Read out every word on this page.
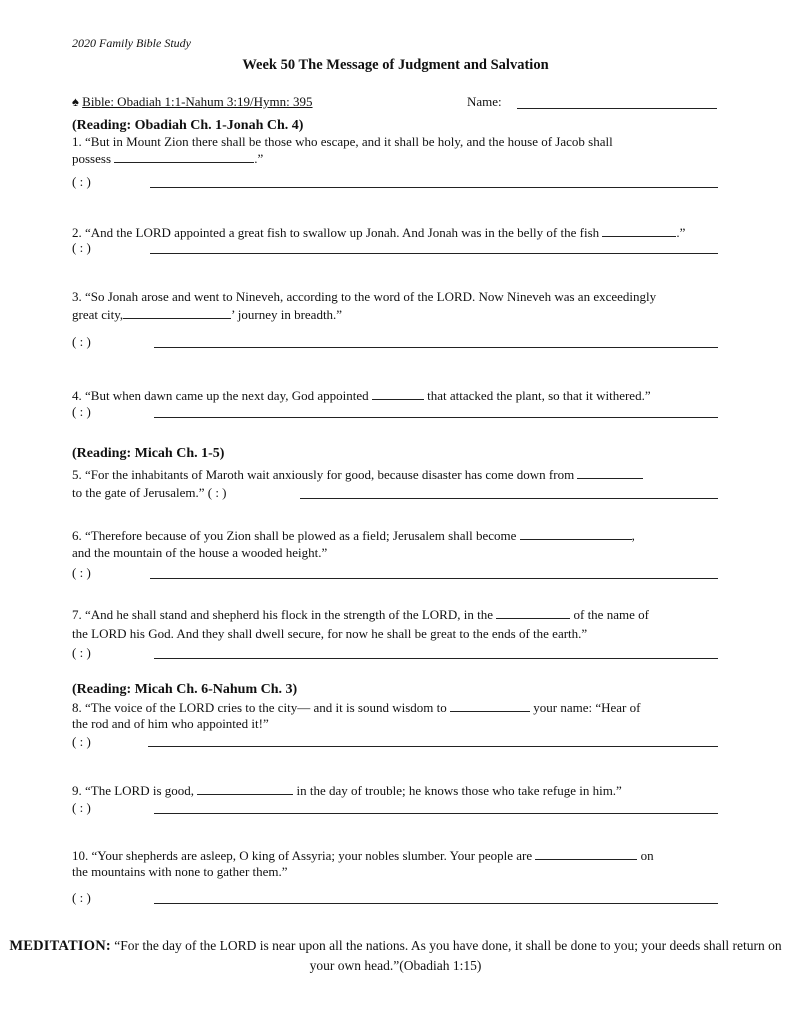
2020 Family Bible Study
Week 50 The Message of Judgment and Salvation
♠ Bible: Obadiah 1:1-Nahum 3:19/Hymn: 395	Name:
(Reading: Obadiah Ch. 1-Jonah Ch. 4)
1. “But in Mount Zion there shall be those who escape, and it shall be holy, and the house of Jacob shall
possess	.”
( : )
2. “And the LORD appointed a great fish to swallow up Jonah. And Jonah was in the belly of the fish	.”
( : )
3. “So Jonah arose and went to Nineveh, according to the word of the LORD. Now Nineveh was an exceedingly
great city,	’ journey in breadth.”
( : )
4. “But when dawn came up the next day, God appointed	that attacked the plant, so that it withered.”
( : )
(Reading: Micah Ch. 1-5)
5. “For the inhabitants of Maroth wait anxiously for good, because disaster has come down from
to the gate of Jerusalem.” ( : )
6. “Therefore because of you Zion shall be plowed as a field; Jerusalem shall become	,
and the mountain of the house a wooded height.”
( : )
7. “And he shall stand and shepherd his flock in the strength of the LORD, in the	of the name of
the LORD his God. And they shall dwell secure, for now he shall be great to the ends of the earth.”
( : )
(Reading: Micah Ch. 6-Nahum Ch. 3)
8. “The voice of the LORD cries to the city— and it is sound wisdom to	your name: “Hear of
the rod and of him who appointed it!”
( : )
9. “The LORD is good,	in the day of trouble; he knows those who take refuge in him.”
( : )
10. “Your shepherds are asleep, O king of Assyria; your nobles slumber. Your people are	on
the mountains with none to gather them.”
( : )
MEDITATION: “For the day of the LORD is near upon all the nations. As you have done, it shall be done to you; your deeds shall return on your own head.”(Obadiah 1:15)
